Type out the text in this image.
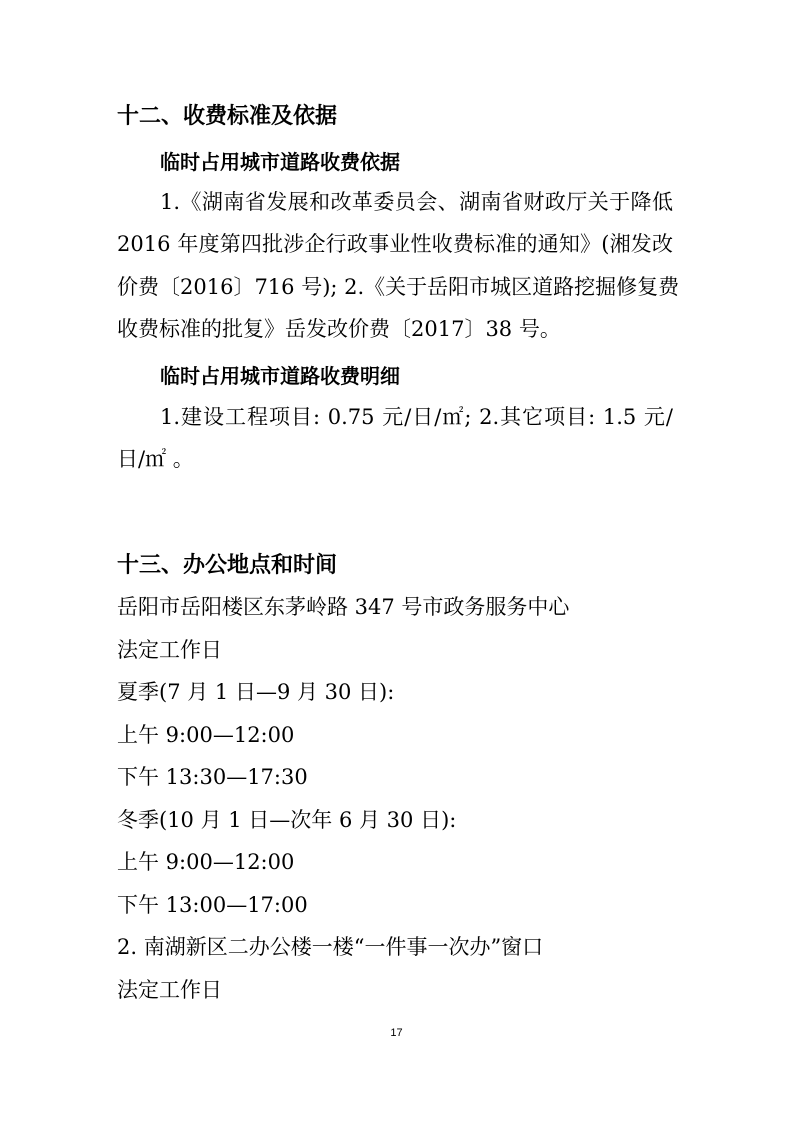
十二、收费标准及依据
临时占用城市道路收费依据
1.《湖南省发展和改革委员会、湖南省财政厅关于降低
2016 年度第四批涉企行政事业性收费标准的通知》(湘发改
价费〔2016〕716 号); 2.《关于岳阳市城区道路挖掘修复费
收费标准的批复》岳发改价费〔2017〕38 号。
临时占用城市道路收费明细
1.建设工程项目: 0.75 元/日/㎡; 2.其它项目: 1.5 元/
日/㎡ 。
十三、办公地点和时间
岳阳市岳阳楼区东茅岭路 347 号市政务服务中心
法定工作日
夏季(7 月 1 日—9 月 30 日):
上午 9:00—12:00
下午 13:30—17:30
冬季(10 月 1 日—次年 6 月 30 日):
上午 9:00—12:00
下午 13:00—17:00
2. 南湖新区二办公楼一楼“一件事一次办”窗口
法定工作日
17
